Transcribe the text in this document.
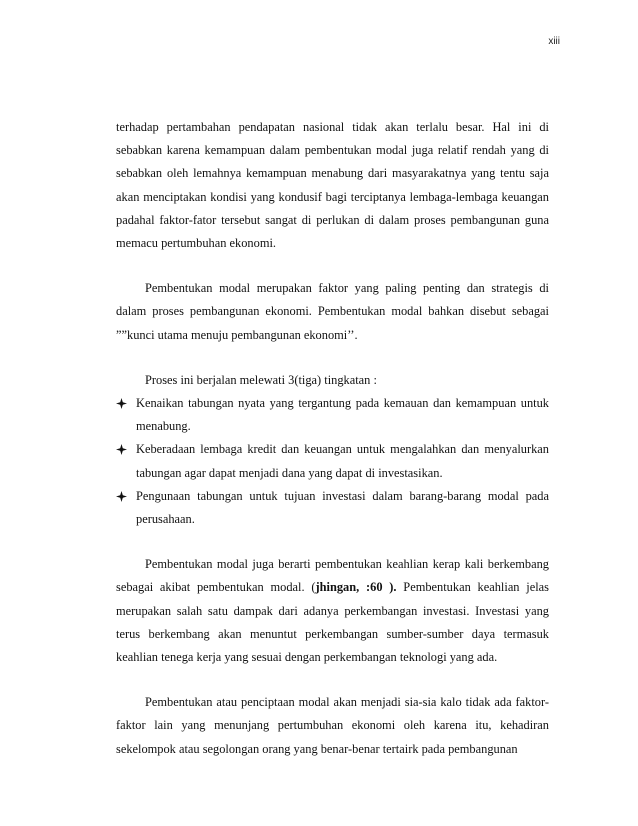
xiii

terhadap pertambahan pendapatan nasional tidak akan terlalu besar. Hal ini di sebabkan karena kemampuan dalam pembentukan modal juga relatif rendah yang di sebabkan oleh lemahnya kemampuan menabung dari masyarakatnya yang tentu saja akan menciptakan kondisi yang kondusif bagi terciptanya lembaga-lembaga keuangan padahal faktor-fator tersebut sangat di perlukan di dalam proses pembangunan guna memacu pertumbuhan ekonomi.

Pembentukan modal merupakan faktor yang paling penting dan strategis di dalam proses pembangunan ekonomi. Pembentukan modal bahkan disebut sebagai ””kunci utama menuju pembangunan ekonomi’’.

Proses ini berjalan melewati 3(tiga) tingkatan :

Kenaikan tabungan nyata yang tergantung pada kemauan dan kemampuan untuk menabung.
Keberadaan lembaga kredit dan keuangan untuk mengalahkan dan menyalurkan tabungan agar dapat menjadi dana yang dapat di investasikan.
Pengunaan tabungan untuk tujuan investasi dalam barang-barang modal pada perusahaan.

Pembentukan modal juga berarti pembentukan keahlian kerap kali berkembang sebagai akibat pembentukan modal. (jhingan, :60 ). Pembentukan keahlian jelas merupakan salah satu dampak dari adanya perkembangan investasi. Investasi yang terus berkembang akan menuntut perkembangan sumber-sumber daya termasuk keahlian tenega kerja yang sesuai dengan perkembangan teknologi yang ada.

Pembentukan atau penciptaan modal akan menjadi sia-sia kalo tidak ada faktor-faktor lain yang menunjang pertumbuhan ekonomi oleh karena itu, kehadiran sekelompok atau segolongan orang yang benar-benar tertairk pada pembangunan
